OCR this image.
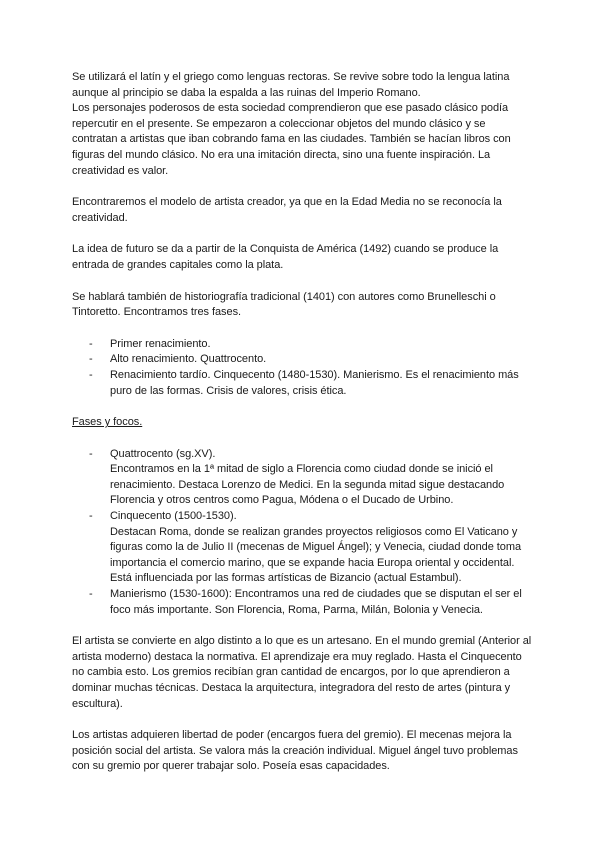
Se utilizará el latín y el griego como lenguas rectoras. Se revive sobre todo la lengua latina aunque al principio se daba la espalda a las ruinas del Imperio Romano.

Los personajes poderosos de esta sociedad comprendieron que ese pasado clásico podía repercutir en el presente. Se empezaron a coleccionar objetos del mundo clásico y se contratan a artistas que iban cobrando fama en las ciudades. También se hacían libros con figuras del mundo clásico. No era una imitación directa, sino una fuente inspiración. La creatividad es valor.

Encontraremos el modelo de artista creador, ya que en la Edad Media no se reconocía la creatividad.

La idea de futuro se da a partir de la Conquista de América (1492) cuando se produce la entrada de grandes capitales como la plata.

Se hablará también de historiografía tradicional (1401) con autores como Brunelleschi o Tintoretto. Encontramos tres fases.

- Primer renacimiento.
- Alto renacimiento. Quattrocento.
- Renacimiento tardío. Cinquecento (1480-1530). Manierismo. Es el renacimiento más puro de las formas. Crisis de valores, crisis ética.

Fases y focos.

- Quattrocento (sg.XV).
Encontramos en la 1ª mitad de siglo a Florencia como ciudad donde se inició el renacimiento. Destaca Lorenzo de Medici. En la segunda mitad sigue destacando Florencia y otros centros como Pagua, Módena o el Ducado de Urbino.
- Cinquecento (1500-1530).
Destacan Roma, donde se realizan grandes proyectos religiosos como El Vaticano y figuras como la de Julio II (mecenas de Miguel Ángel); y Venecia, ciudad donde toma importancia el comercio marino, que se expande hacia Europa oriental y occidental. Está influenciada por las formas artísticas de Bizancio (actual Estambul).
- Manierismo (1530-1600): Encontramos una red de ciudades que se disputan el ser el foco más importante. Son Florencia, Roma, Parma, Milán, Bolonia y Venecia.

El artista se convierte en algo distinto a lo que es un artesano. En el mundo gremial (Anterior al artista moderno) destaca la normativa. El aprendizaje era muy reglado. Hasta el Cinquecento no cambia esto. Los gremios recibían gran cantidad de encargos, por lo que aprendieron a dominar muchas técnicas. Destaca la arquitectura, integradora del resto de artes (pintura y escultura).

Los artistas adquieren libertad de poder (encargos fuera del gremio). El mecenas mejora la posición social del artista. Se valora más la creación individual. Miguel ángel tuvo problemas con su gremio por querer trabajar solo. Poseía esas capacidades.
